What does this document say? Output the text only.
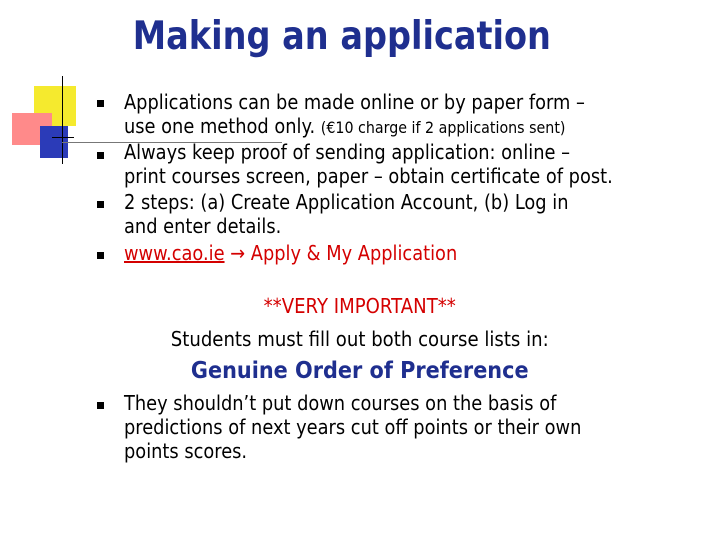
Making an application
Applications can be made online or by paper form –
use one method only. (€10 charge if 2 applications sent)
Always keep proof of sending application: online –
print courses screen, paper – obtain certificate of post.
2 steps: (a) Create Application Account, (b) Log in
and enter details.
www.cao.ie → Apply & My Application
**VERY IMPORTANT**
Students must fill out both course lists in:
Genuine Order of Preference
They shouldn’t put down courses on the basis of
predictions of next years cut off points or their own
points scores.
